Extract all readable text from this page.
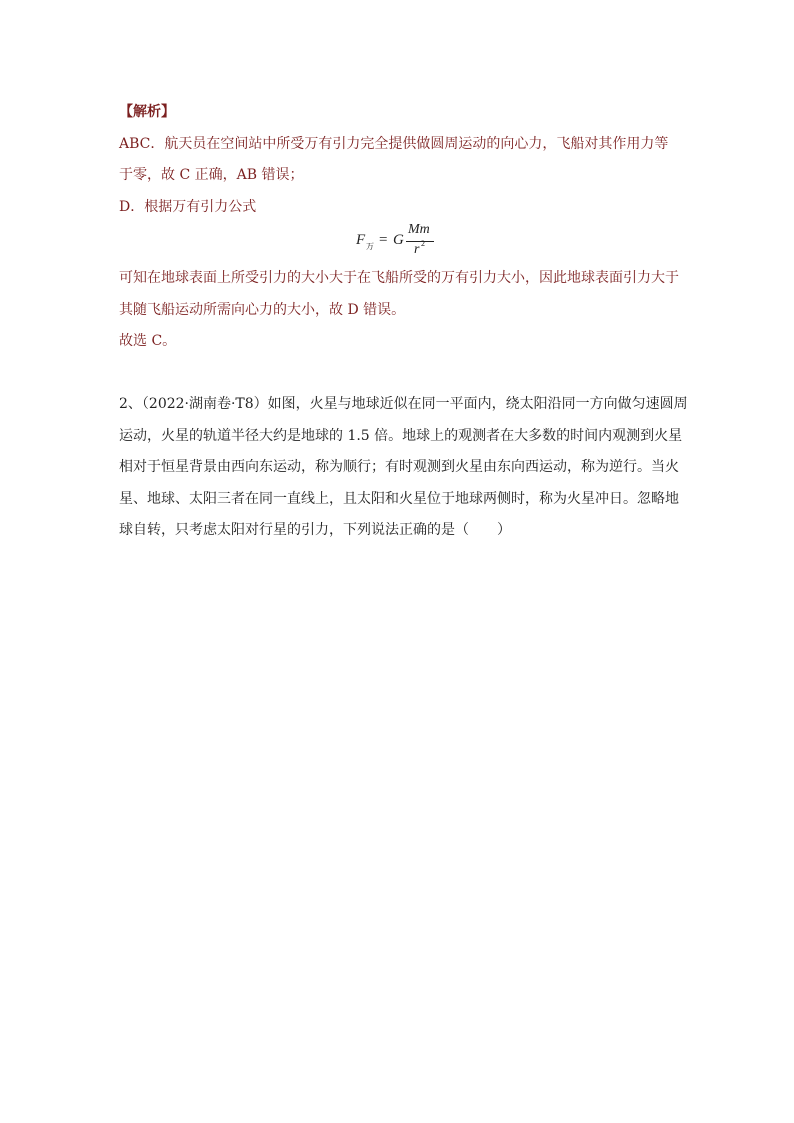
【解析】
ABC．航天员在空间站中所受万有引力完全提供做圆周运动的向心力，飞船对其作用力等
于零，故 C 正确，AB 错误；
D．根据万有引力公式
F 万 = G
Mm
r 2
可知在地球表面上所受引力的大小大于在飞船所受的万有引力大小，因此地球表面引力大于
其随飞船运动所需向心力的大小，故 D 错误。
故选 C。
2、（2022·湖南卷·T8）如图，火星与地球近似在同一平面内，绕太阳沿同一方向做匀速圆周
运动，火星的轨道半径大约是地球的 1.5 倍。地球上的观测者在大多数的时间内观测到火星
相对于恒星背景由西向东运动，称为顺行；有时观测到火星由东向西运动，称为逆行。当火
星、地球、太阳三者在同一直线上，且太阳和火星位于地球两侧时，称为火星冲日。忽略地
球自转，只考虑太阳对行星的引力，下列说法正确的是（　　）
